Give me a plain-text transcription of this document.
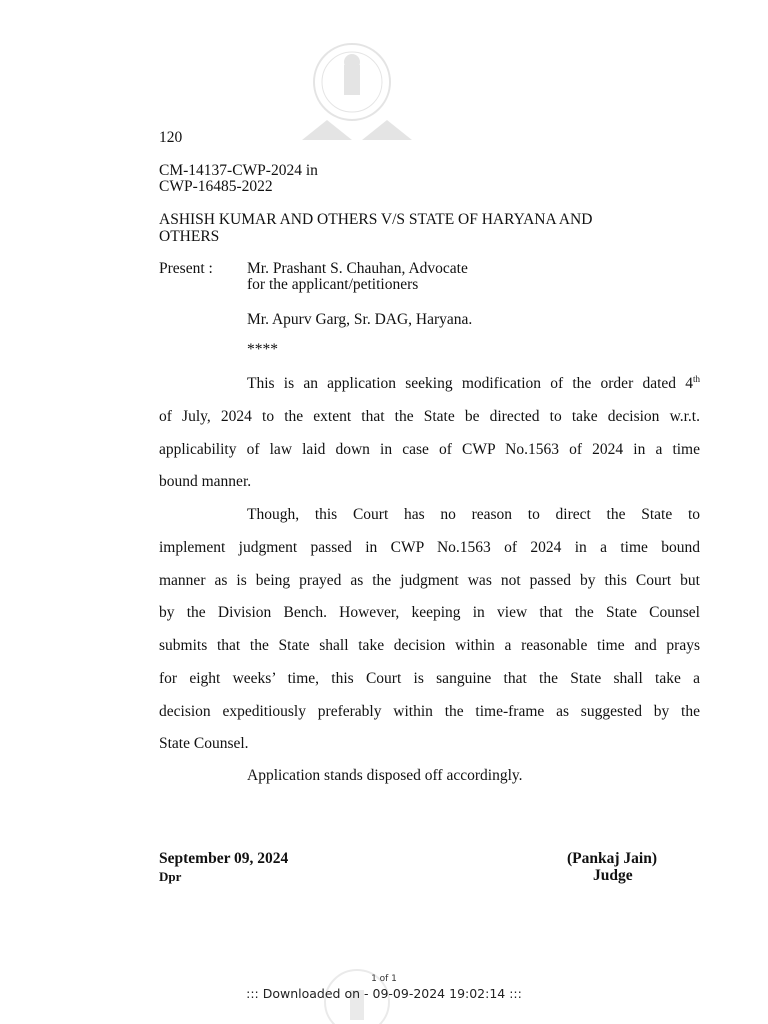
120
CM-14137-CWP-2024 in
CWP-16485-2022
ASHISH KUMAR AND OTHERS V/S STATE OF HARYANA AND
OTHERS
Present : Mr. Prashant S. Chauhan, Advocate
for the applicant/petitioners
Mr. Apurv Garg, Sr. DAG, Haryana.
****
This is an application seeking modification of the order dated 4th
of July, 2024 to the extent that the State be directed to take decision w.r.t.
applicability of law laid down in case of CWP No.1563 of 2024 in a time
bound manner.
Though, this Court has no reason to direct the State to
implement judgment passed in CWP No.1563 of 2024 in a time bound
manner as is being prayed as the judgment was not passed by this Court but
by the Division Bench. However, keeping in view that the State Counsel
submits that the State shall take decision within a reasonable time and prays
for eight weeks’ time, this Court is sanguine that the State shall take a
decision expeditiously preferably within the time-frame as suggested by the
State Counsel.
Application stands disposed off accordingly.
September 09, 2024
Dpr
(Pankaj Jain)
Judge
1 of 1
::: Downloaded on - 09-09-2024 19:02:14 :::
